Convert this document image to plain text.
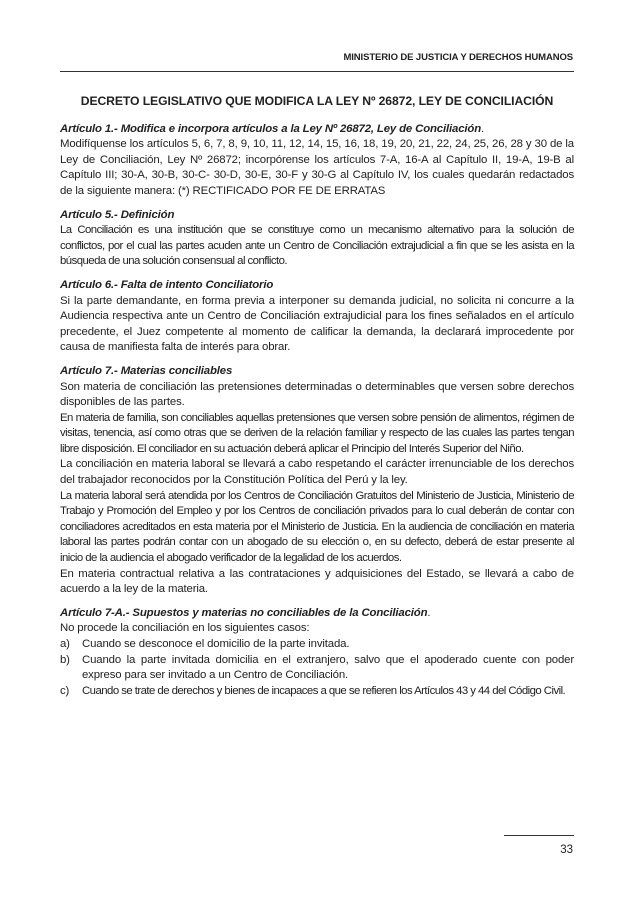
MINISTERIO DE JUSTICIA Y DERECHOS HUMANOS
DECRETO LEGISLATIVO QUE MODIFICA LA LEY Nº 26872, LEY DE CONCILIACIÓN

Artículo 1.- Modifica e incorpora artículos a la Ley Nº 26872, Ley de Conciliación.
Modifíquense los artículos 5, 6, 7, 8, 9, 10, 11, 12, 14, 15, 16, 18, 19, 20, 21, 22, 24, 25, 26, 28 y 30 de la Ley de Conciliación, Ley Nº 26872; incorpórense los artículos 7-A, 16-A al Capítulo II, 19-A, 19-B al Capítulo III; 30-A, 30-B, 30-C- 30-D, 30-E, 30-F y 30-G al Capítulo IV, los cuales quedarán redactados de la siguiente manera: (*) RECTIFICADO POR FE DE ERRATAS

Artículo 5.- Definición
La Conciliación es una institución que se constituye como un mecanismo alternativo para la solución de conflictos, por el cual las partes acuden ante un Centro de Conciliación extrajudicial a fin que se les asista en la búsqueda de una solución consensual al conflicto.

Artículo 6.- Falta de intento Conciliatorio
Si la parte demandante, en forma previa a interponer su demanda judicial, no solicita ni concurre a la Audiencia respectiva ante un Centro de Conciliación extrajudicial para los fines señalados en el artículo precedente, el Juez competente al momento de calificar la demanda, la declarará improcedente por causa de manifiesta falta de interés para obrar.

Artículo 7.- Materias conciliables
Son materia de conciliación las pretensiones determinadas o determinables que versen sobre derechos disponibles de las partes.

En materia de familia, son conciliables aquellas pretensiones que versen sobre pensión de alimentos, régimen de visitas, tenencia, así como otras que se deriven de la relación familiar y respecto de las cuales las partes tengan libre disposición. El conciliador en su actuación deberá aplicar el Principio del Interés Superior del Niño.

La conciliación en materia laboral se llevará a cabo respetando el carácter irrenunciable de los derechos del trabajador reconocidos por la Constitución Política del Perú y la ley.

La materia laboral será atendida por los Centros de Conciliación Gratuitos del Ministerio de Justicia, Ministerio de Trabajo y Promoción del Empleo y por los Centros de conciliación privados para lo cual deberán de contar con conciliadores acreditados en esta materia por el Ministerio de Justicia. En la audiencia de conciliación en materia laboral las partes podrán contar con un abogado de su elección o, en su defecto, deberá de estar presente al inicio de la audiencia el abogado verificador de la legalidad de los acuerdos.

En materia contractual relativa a las contrataciones y adquisiciones del Estado, se llevará a cabo de acuerdo a la ley de la materia.

Artículo 7-A.- Supuestos y materias no conciliables de la Conciliación.
No procede la conciliación en los siguientes casos:

a)	Cuando se desconoce el domicilio de la parte invitada.
b)	Cuando la parte invitada domicilia en el extranjero, salvo que el apoderado cuente con poder expreso para ser invitado a un Centro de Conciliación.
c)	Cuando se trate de derechos y bienes de incapaces a que se refieren los Artículos 43 y 44 del Código Civil.
33
